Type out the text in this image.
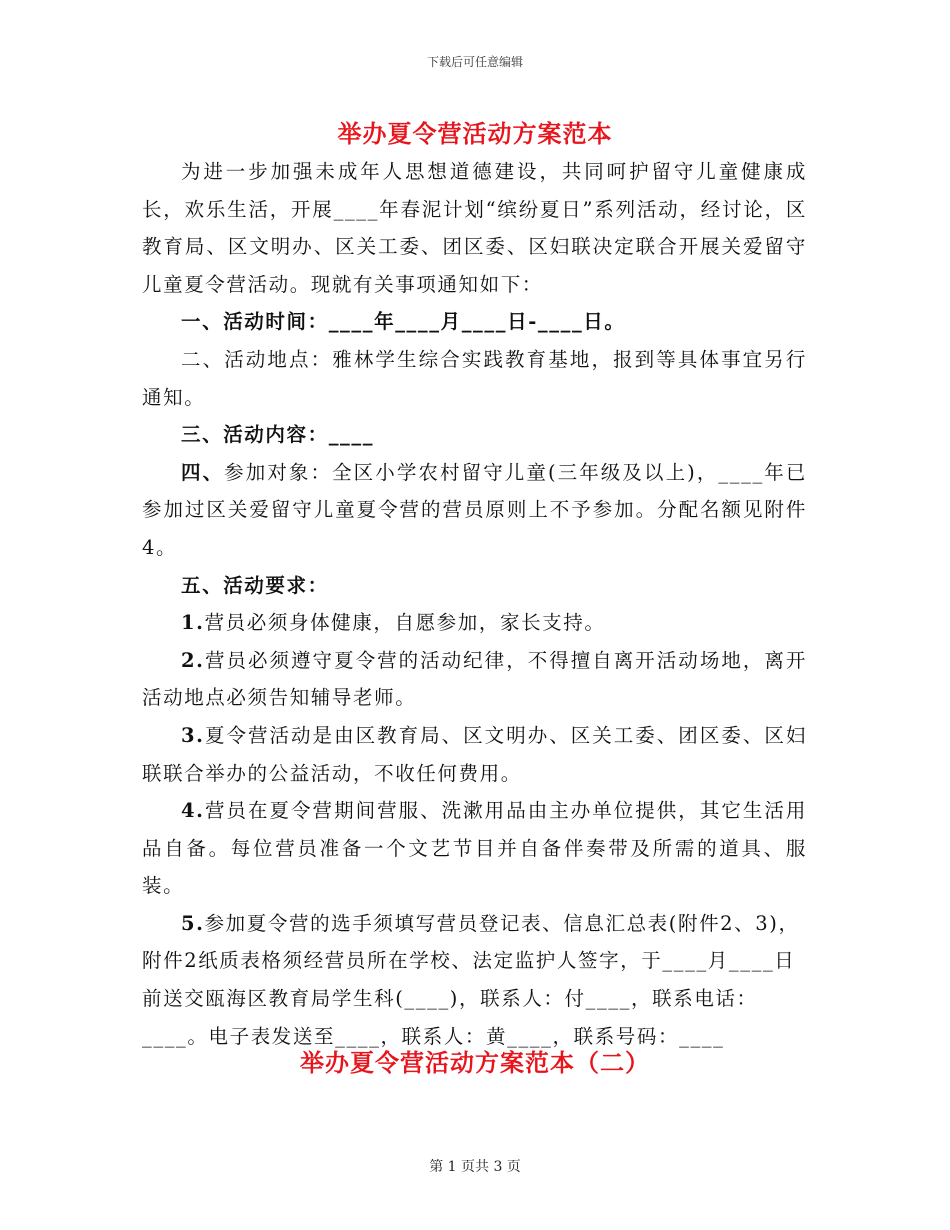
下载后可任意编辑
举办夏令营活动方案范本

为进一步加强未成年人思想道德建设，共同呵护留守儿童健康成长，欢乐生活，开展____年春泥计划“缤纷夏日”系列活动，经讨论，区教育局、区文明办、区关工委、团区委、区妇联决定联合开展关爱留守儿童夏令营活动。现就有关事项通知如下：

一、活动时间：____年____月____日-____日。

二、活动地点：雅林学生综合实践教育基地，报到等具体事宜另行通知。

三、活动内容：____

四、参加对象：全区小学农村留守儿童(三年级及以上)，____年已参加过区关爱留守儿童夏令营的营员原则上不予参加。分配名额见附件4。

五、活动要求：

1.营员必须身体健康，自愿参加，家长支持。

2.营员必须遵守夏令营的活动纪律，不得擅自离开活动场地，离开活动地点必须告知辅导老师。

3.夏令营活动是由区教育局、区文明办、区关工委、团区委、区妇联联合举办的公益活动，不收任何费用。

4.营员在夏令营期间营服、洗漱用品由主办单位提供，其它生活用品自备。每位营员准备一个文艺节目并自备伴奏带及所需的道具、服装。

5.参加夏令营的选手须填写营员登记表、信息汇总表(附件2、3)，附件2纸质表格须经营员所在学校、法定监护人签字，于____月____日前送交瓯海区教育局学生科(____)，联系人：付____，联系电话：____。电子表发送至____，联系人：黄____，联系号码：____

举办夏令营活动方案范本（二）
第 1 页共 3 页
